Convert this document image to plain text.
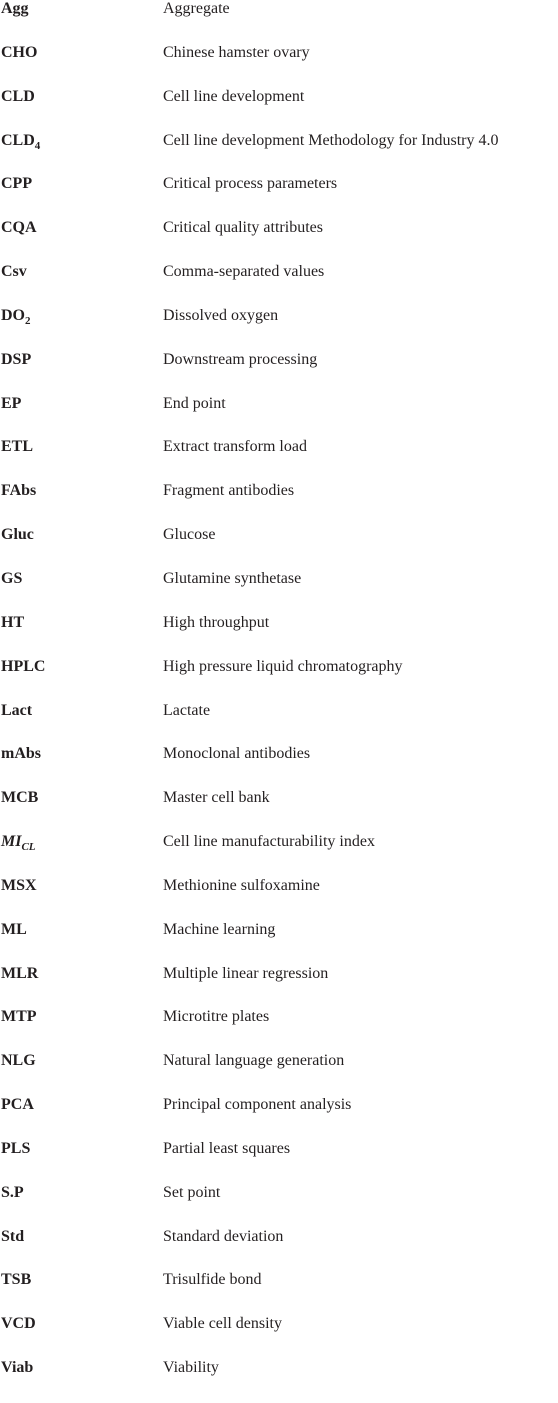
Agg	Aggregate
CHO	Chinese hamster ovary
CLD	Cell line development
$CLD_4$	Cell line development Methodology for Industry 4.0
CPP	Critical process parameters
CQA	Critical quality attributes
Csv	Comma-separated values
$DO_2$	Dissolved oxygen
DSP	Downstream processing
EP	End point
ETL	Extract transform load
FAbs	Fragment antibodies
Gluc	Glucose
GS	Glutamine synthetase
HT	High throughput
HPLC	High pressure liquid chromatography
Lact	Lactate
mAbs	Monoclonal antibodies
MCB	Master cell bank
$MI_{CL}$	Cell line manufacturability index
MSX	Methionine sulfoxamine
ML	Machine learning
MLR	Multiple linear regression
MTP	Microtitre plates
NLG	Natural language generation
PCA	Principal component analysis
PLS	Partial least squares
S.P	Set point
Std	Standard deviation
TSB	Trisulfide bond
VCD	Viable cell density
Viab	Viability
